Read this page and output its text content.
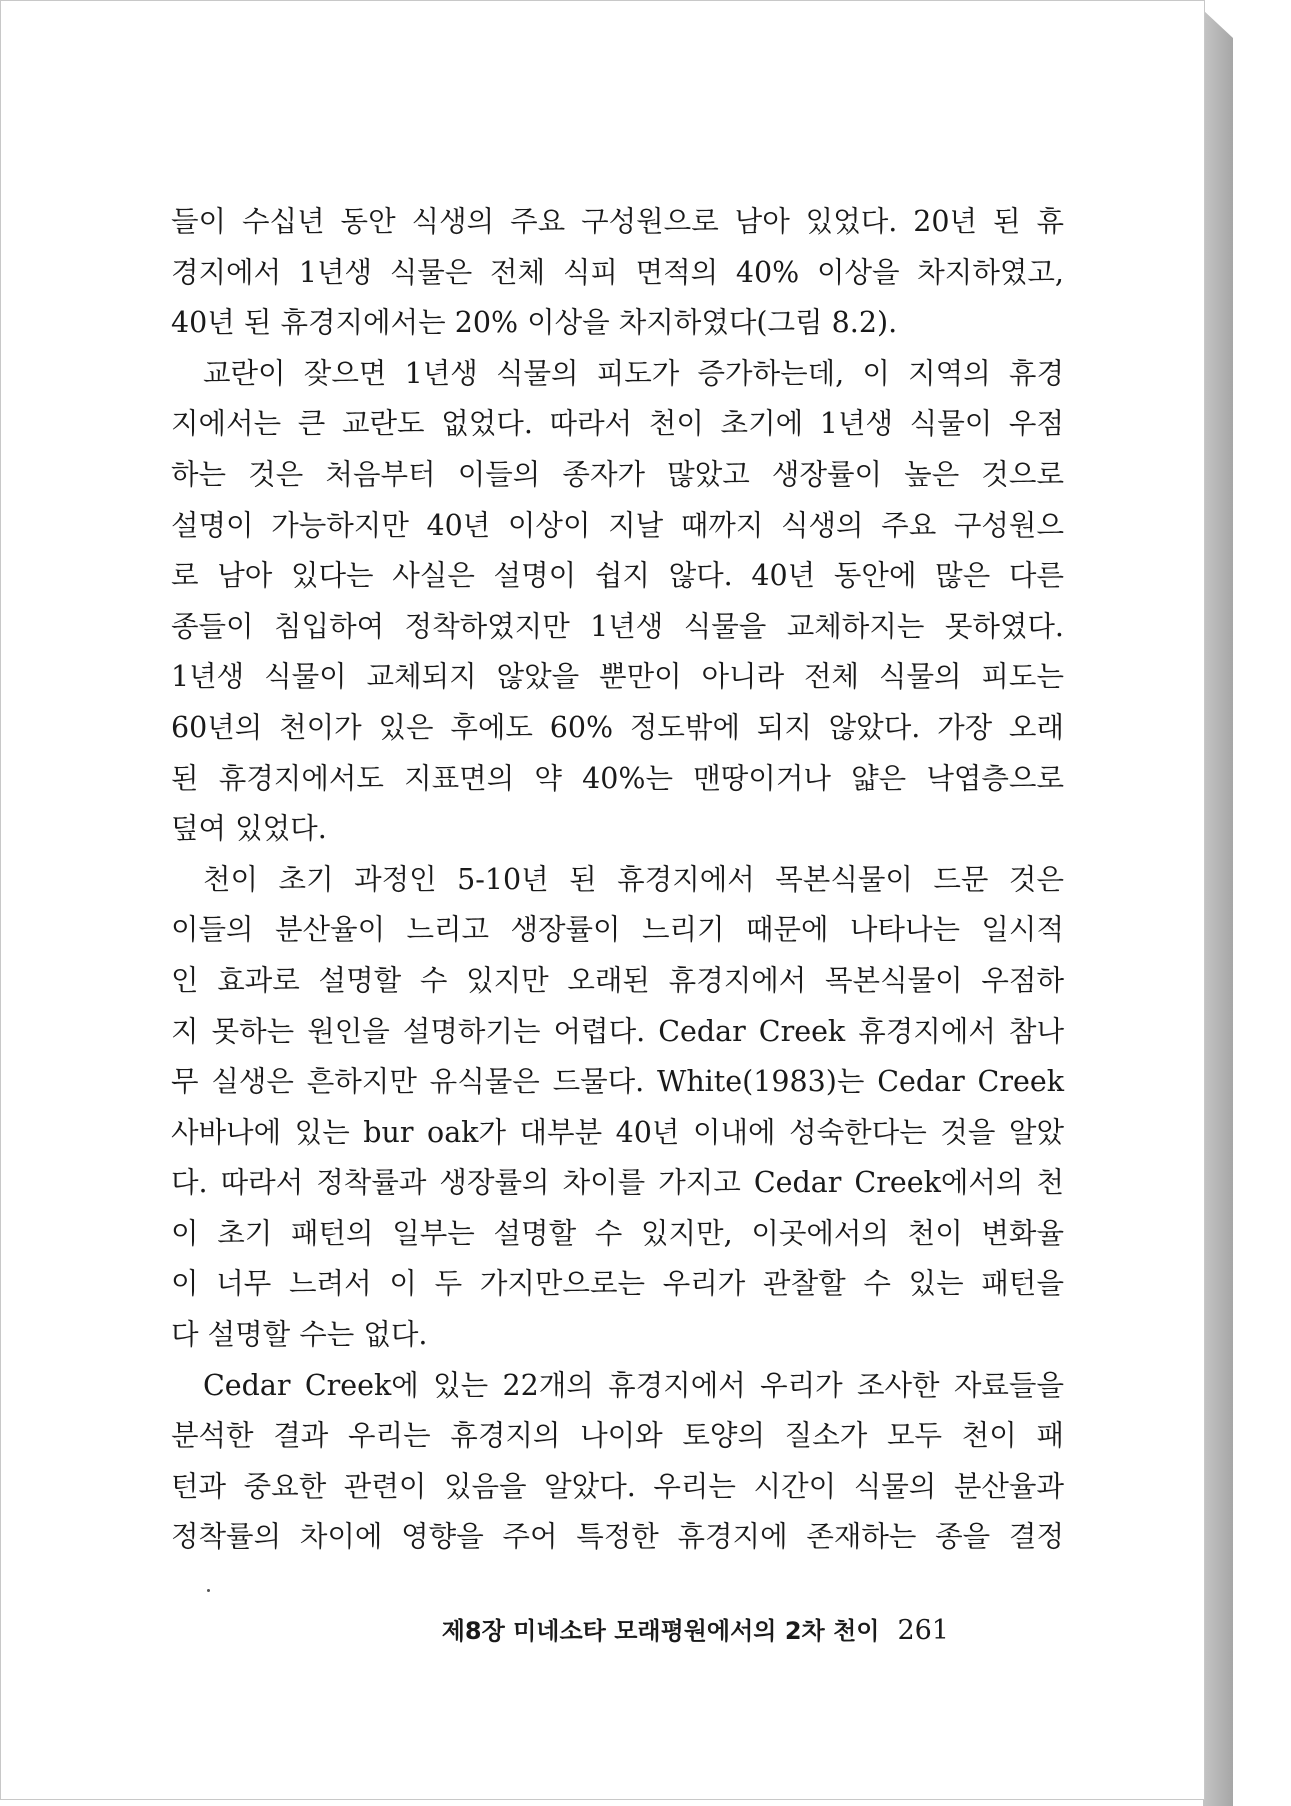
들이 수십년 동안 식생의 주요 구성원으로 남아 있었다. 20년 된 휴

경지에서 1년생 식물은 전체 식피 면적의 40% 이상을 차지하였고,

40년 된 휴경지에서는 20% 이상을 차지하였다(그림 8.2).

교란이 잦으면 1년생 식물의 피도가 증가하는데, 이 지역의 휴경

지에서는 큰 교란도 없었다. 따라서 천이 초기에 1년생 식물이 우점

하는 것은 처음부터 이들의 종자가 많았고 생장률이 높은 것으로

설명이 가능하지만 40년 이상이 지날 때까지 식생의 주요 구성원으

로 남아 있다는 사실은 설명이 쉽지 않다. 40년 동안에 많은 다른

종들이 침입하여 정착하였지만 1년생 식물을 교체하지는 못하였다.

1년생 식물이 교체되지 않았을 뿐만이 아니라 전체 식물의 피도는

60년의 천이가 있은 후에도 60% 정도밖에 되지 않았다. 가장 오래

된 휴경지에서도 지표면의 약 40%는 맨땅이거나 얇은 낙엽층으로

덮여 있었다.

천이 초기 과정인 5-10년 된 휴경지에서 목본식물이 드문 것은

이들의 분산율이 느리고 생장률이 느리기 때문에 나타나는 일시적

인 효과로 설명할 수 있지만 오래된 휴경지에서 목본식물이 우점하

지 못하는 원인을 설명하기는 어렵다. Cedar Creek 휴경지에서 참나

무 실생은 흔하지만 유식물은 드물다. White(1983)는 Cedar Creek

사바나에 있는 bur oak가 대부분 40년 이내에 성숙한다는 것을 알았

다. 따라서 정착률과 생장률의 차이를 가지고 Cedar Creek에서의 천

이 초기 패턴의 일부는 설명할 수 있지만, 이곳에서의 천이 변화율

이 너무 느려서 이 두 가지만으로는 우리가 관찰할 수 있는 패턴을

다 설명할 수는 없다.

Cedar Creek에 있는 22개의 휴경지에서 우리가 조사한 자료들을

분석한 결과 우리는 휴경지의 나이와 토양의 질소가 모두 천이 패

턴과 중요한 관련이 있음을 알았다. 우리는 시간이 식물의 분산율과

정착률의 차이에 영향을 주어 특정한 휴경지에 존재하는 종을 결정

제8장 미네소타 모래평원에서의 2차 천이 261
